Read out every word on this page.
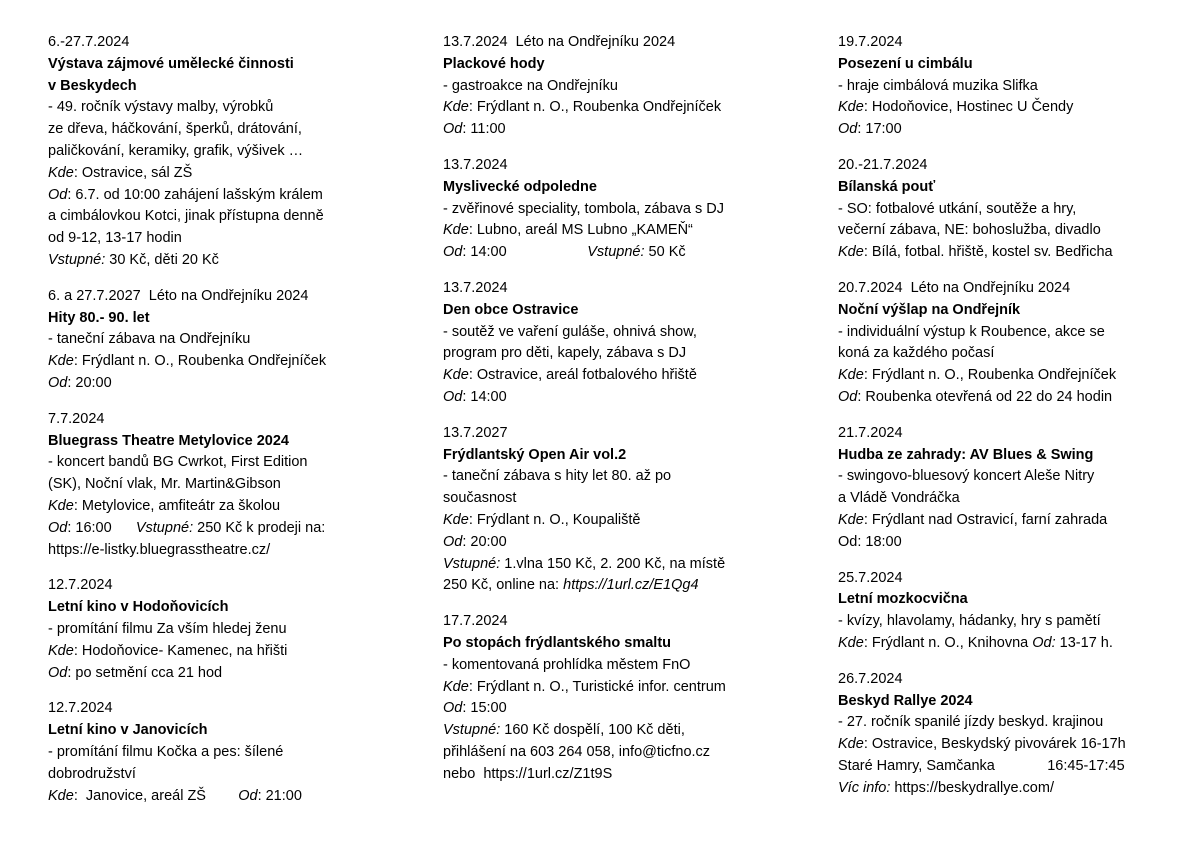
6.-27.7.2024
Výstava zájmové umělecké činnosti
v Beskydech
- 49. ročník výstavy malby, výrobků
ze dřeva, háčkování, šperků, drátování,
paličkování, keramiky, grafik, výšivek …
Kde: Ostravice, sál ZŠ
Od: 6.7. od 10:00 zahájení lašským králem
a cimbálovkou Kotci, jinak přístupna denně
od 9-12, 13-17 hodin
Vstupné: 30 Kč, děti 20 Kč
6. a 27.7.2027  Léto na Ondřejníku 2024
Hity 80.- 90. let
- taneční zábava na Ondřejníku
Kde: Frýdlant n. O., Roubenka Ondřejníček
Od: 20:00
7.7.2024
Bluegrass Theatre Metylovice 2024
- koncert bandů BG Cwrkot, First Edition
(SK), Noční vlak, Mr. Martin&Gibson
Kde: Metylovice, amfiteátr za školou
Od: 16:00      Vstupné: 250 Kč k prodeji na:
https://e-listky.bluegrasstheatre.cz/
12.7.2024
Letní kino v Hodoňovicích
- promítání filmu Za vším hledej ženu
Kde: Hodoňovice- Kamenec, na hřišti
Od: po setmění cca 21 hod
12.7.2024
Letní kino v Janovicích
- promítání filmu Kočka a pes: šílené
dobrodružství
Kde:  Janovice, areál ZŠ        Od: 21:00
13.7.2024  Léto na Ondřejníku 2024
Plackové hody
- gastroakce na Ondřejníku
Kde: Frýdlant n. O., Roubenka Ondřejníček
Od: 11:00
13.7.2024
Myslivecké odpoledne
- zvěřinové speciality, tombola, zábava s DJ
Kde: Lubno, areál MS Lubno „KAMEŇ“
Od: 14:00                    Vstupné: 50 Kč
13.7.2024
Den obce Ostravice
- soutěž ve vaření guláše, ohnivá show,
program pro děti, kapely, zábava s DJ
Kde: Ostravice, areál fotbalového hřiště
Od: 14:00
13.7.2027
Frýdlantský Open Air vol.2
- taneční zábava s hity let 80. až po
současnost
Kde: Frýdlant n. O., Koupaliště
Od: 20:00
Vstupné: 1.vlna 150 Kč, 2. 200 Kč, na místě
250 Kč, online na: https://1url.cz/E1Qg4
17.7.2024
Po stopách frýdlantského smaltu
- komentovaná prohlídka městem FnO
Kde: Frýdlant n. O., Turistické infor. centrum
Od: 15:00
Vstupné: 160 Kč dospělí, 100 Kč děti,
přihlášení na 603 264 058, info@ticfno.cz
nebo  https://1url.cz/Z1t9S
19.7.2024
Posezení u cimbálu
- hraje cimbálová muzika Slifka
Kde: Hodoňovice, Hostinec U Čendy
Od: 17:00
20.-21.7.2024
Bílanská pouť
- SO: fotbalové utkání, soutěže a hry,
večerní zábava, NE: bohoslužba, divadlo
Kde: Bílá, fotbal. hřiště, kostel sv. Bedřicha
20.7.2024  Léto na Ondřejníku 2024
Noční výšlap na Ondřejník
- individuální výstup k Roubence, akce se
koná za každého počasí
Kde: Frýdlant n. O., Roubenka Ondřejníček
Od: Roubenka otevřená od 22 do 24 hodin
21.7.2024
Hudba ze zahrady: AV Blues & Swing
- swingovo-bluesový koncert Aleše Nitry
a Vládě Vondráčka
Kde: Frýdlant nad Ostravicí, farní zahrada
Od: 18:00
25.7.2024
Letní mozkocvična
- kvízy, hlavolamy, hádanky, hry s pamětí
Kde: Frýdlant n. O., Knihovna Od: 13-17 h.
26.7.2024
Beskyd Rallye 2024
- 27. ročník spanilé jízdy beskyd. krajinou
Kde: Ostravice, Beskydský pivovárek 16-17h
Staré Hamry, Samčanka             16:45-17:45
Víc info: https://beskydrallye.com/
